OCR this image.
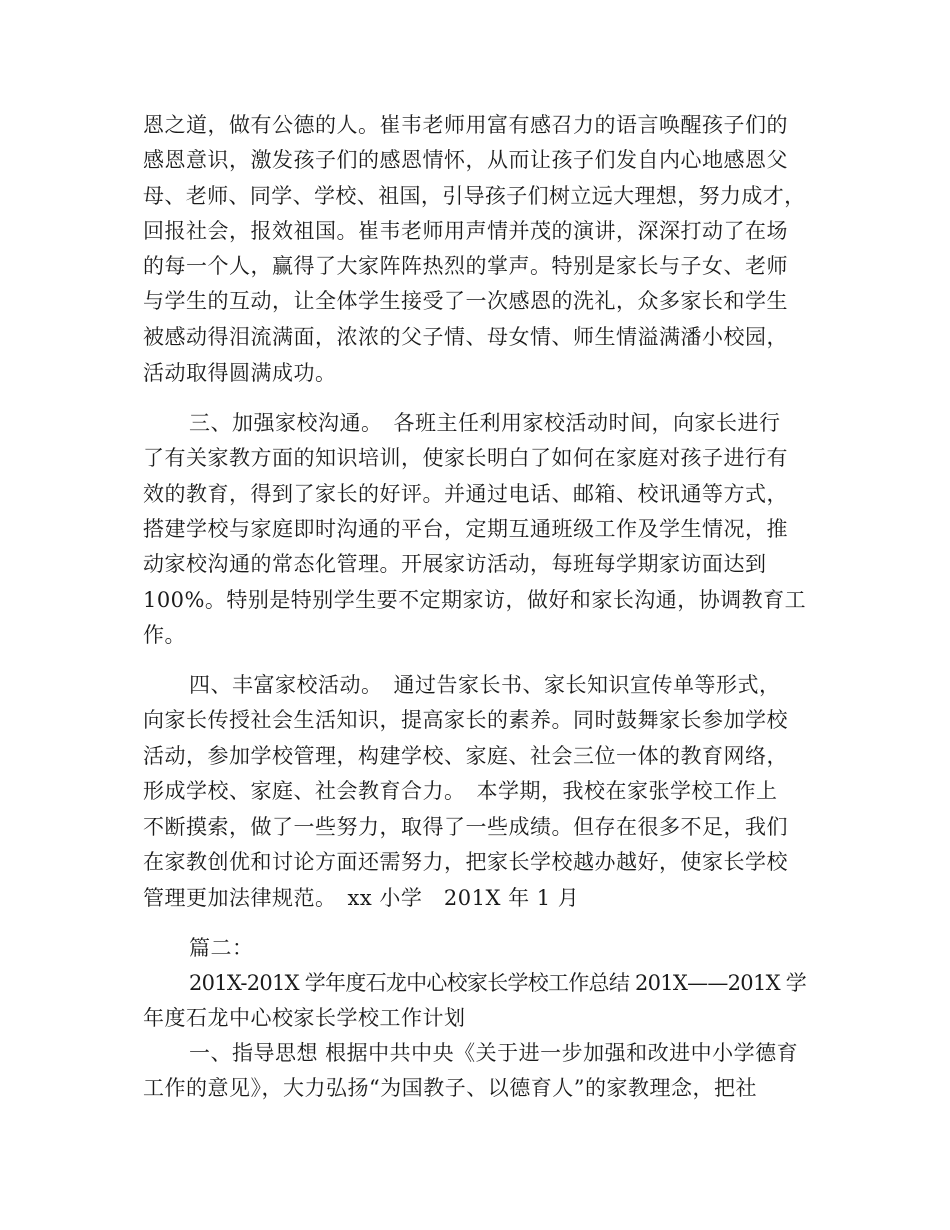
恩之道，做有公德的人。崔韦老师用富有感召力的语言唤醒孩子们的
感恩意识，激发孩子们的感恩情怀，从而让孩子们发自内心地感恩父
母、老师、同学、学校、祖国，引导孩子们树立远大理想，努力成才，
回报社会，报效祖国。崔韦老师用声情并茂的演讲，深深打动了在场
的每一个人，赢得了大家阵阵热烈的掌声。特别是家长与子女、老师
与学生的互动，让全体学生接受了一次感恩的洗礼，众多家长和学生
被感动得泪流满面，浓浓的父子情、母女情、师生情溢满潘小校园，
活动取得圆满成功。
三、加强家校沟通。　各班主任利用家校活动时间，向家长进行
了有关家教方面的知识培训，使家长明白了如何在家庭对孩子进行有
效的教育，得到了家长的好评。并通过电话、邮箱、校讯通等方式，
搭建学校与家庭即时沟通的平台，定期互通班级工作及学生情况，推
动家校沟通的常态化管理。开展家访活动，每班每学期家访面达到
100%。特别是特别学生要不定期家访，做好和家长沟通，协调教育工
作。
四、丰富家校活动。　通过告家长书、家长知识宣传单等形式，
向家长传授社会生活知识，提高家长的素养。同时鼓舞家长参加学校
活动，参加学校管理，构建学校、家庭、社会三位一体的教育网络，
形成学校、家庭、社会教育合力。　本学期，我校在家张学校工作上
不断摸索，做了一些努力，取得了一些成绩。但存在很多不足，我们
在家教创优和讨论方面还需努力，把家长学校越办越好，使家长学校
管理更加法律规范。　xx 小学　201X 年 1 月
篇二：
201X-201X 学年度石龙中心校家长学校工作总结 201X——201X 学
年度石龙中心校家长学校工作计划
一、指导思想 根据中共中央《关于进一步加强和改进中小学德育
工作的意见》，大力弘扬“为国教子、以德育人”的家教理念，把社
